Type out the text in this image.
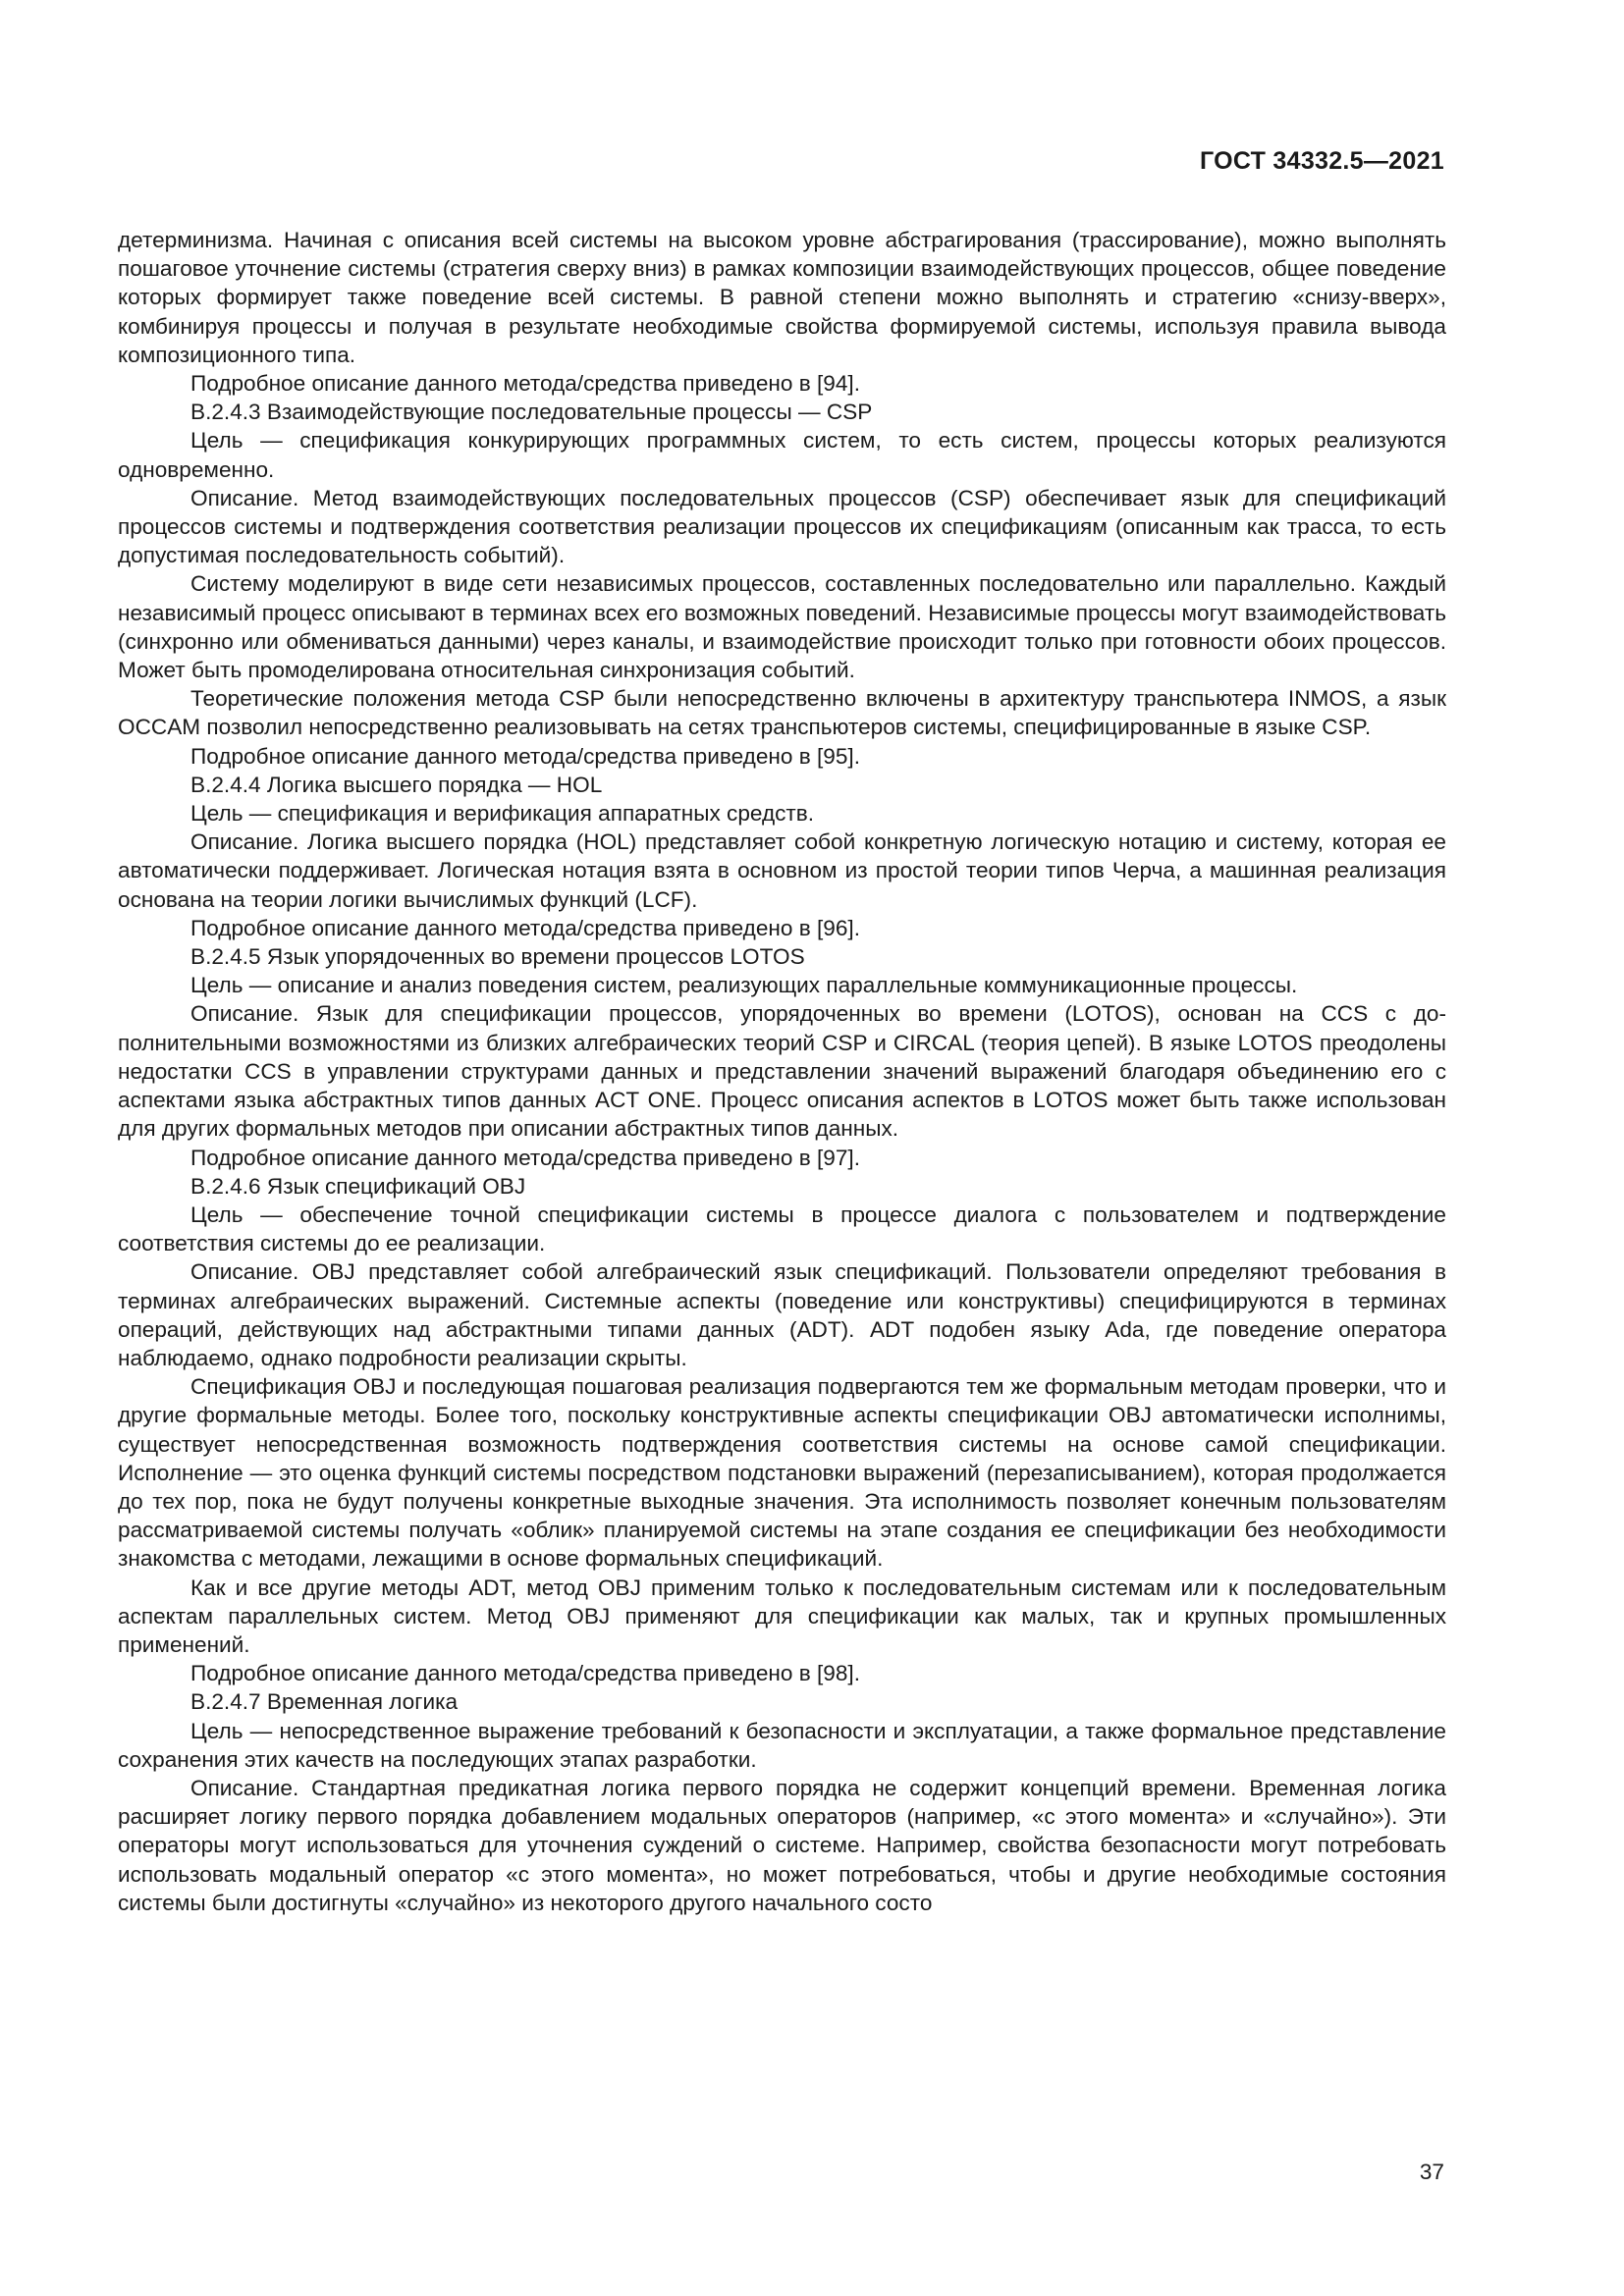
ГОСТ 34332.5—2021

детерминизма. Начиная с описания всей системы на высоком уровне абстрагирования (трассирование), можно выполнять пошаговое уточнение системы (стратегия сверху вниз) в рамках композиции взаимодействующих процессов, общее поведение которых формирует также поведение всей системы. В равной степени можно выполнять и стратегию «снизу-вверх», комбинируя процессы и получая в результате необходимые свойства формируемой системы, используя правила вывода композиционного типа.

Подробное описание данного метода/средства приведено в [94].

В.2.4.3 Взаимодействующие последовательные процессы — CSP

Цель — спецификация конкурирующих программных систем, то есть систем, процессы которых реализуются одновременно.

Описание. Метод взаимодействующих последовательных процессов (CSP) обеспечивает язык для спецификаций процессов системы и подтверждения соответствия реализации процессов их спецификациям (описанным как трасса, то есть допустимая последовательность событий).

Систему моделируют в виде сети независимых процессов, составленных последовательно или параллельно. Каждый независимый процесс описывают в терминах всех его возможных поведений. Независимые процессы могут взаимодействовать (синхронно или обмениваться данными) через каналы, и взаимодействие происходит только при готовности обоих процессов. Может быть промоделирована относительная синхронизация событий.

Теоретические положения метода CSP были непосредственно включены в архитектуру транспьютера INMOS, а язык OCCAM позволил непосредственно реализовывать на сетях транспьютеров системы, специфицированные в языке CSP.

Подробное описание данного метода/средства приведено в [95].

В.2.4.4 Логика высшего порядка — HOL

Цель — спецификация и верификация аппаратных средств.

Описание. Логика высшего порядка (HOL) представляет собой конкретную логическую нотацию и систему, которая ее автоматически поддерживает. Логическая нотация взята в основном из простой теории типов Черча, а машинная реализация основана на теории логики вычислимых функций (LCF).

Подробное описание данного метода/средства приведено в [96].

В.2.4.5 Язык упорядоченных во времени процессов LOTOS

Цель — описание и анализ поведения систем, реализующих параллельные коммуникационные процессы.

Описание. Язык для спецификации процессов, упорядоченных во времени (LOTOS), основан на CCS с дополнительными возможностями из близких алгебраических теорий CSP и CIRCAL (теория цепей). В языке LOTOS преодолены недостатки CCS в управлении структурами данных и представлении значений выражений благодаря объединению его с аспектами языка абстрактных типов данных ACT ONE. Процесс описания аспектов в LOTOS может быть также использован для других формальных методов при описании абстрактных типов данных.

Подробное описание данного метода/средства приведено в [97].

В.2.4.6 Язык спецификаций OBJ

Цель — обеспечение точной спецификации системы в процессе диалога с пользователем и подтверждение соответствия системы до ее реализации.

Описание. OBJ представляет собой алгебраический язык спецификаций. Пользователи определяют требования в терминах алгебраических выражений. Системные аспекты (поведение или конструктивы) специфицируются в терминах операций, действующих над абстрактными типами данных (ADT). ADT подобен языку Ada, где поведение оператора наблюдаемо, однако подробности реализации скрыты.

Спецификация OBJ и последующая пошаговая реализация подвергаются тем же формальным методам проверки, что и другие формальные методы. Более того, поскольку конструктивные аспекты спецификации OBJ автоматически исполнимы, существует непосредственная возможность подтверждения соответствия системы на основе самой спецификации. Исполнение — это оценка функций системы посредством подстановки выражений (перезаписыванием), которая продолжается до тех пор, пока не будут получены конкретные выходные значения. Эта исполнимость позволяет конечным пользователям рассматриваемой системы получать «облик» планируемой системы на этапе создания ее спецификации без необходимости знакомства с методами, лежащими в основе формальных спецификаций.

Как и все другие методы ADT, метод OBJ применим только к последовательным системам или к последовательным аспектам параллельных систем. Метод OBJ применяют для спецификации как малых, так и крупных промышленных применений.

Подробное описание данного метода/средства приведено в [98].

В.2.4.7 Временная логика

Цель — непосредственное выражение требований к безопасности и эксплуатации, а также формальное представление сохранения этих качеств на последующих этапах разработки.

Описание. Стандартная предикатная логика первого порядка не содержит концепций времени. Временная логика расширяет логику первого порядка добавлением модальных операторов (например, «с этого момента» и «случайно»). Эти операторы могут использоваться для уточнения суждений о системе. Например, свойства безопасности могут потребовать использовать модальный оператор «с этого момента», но может потребоваться, чтобы и другие необходимые состояния системы были достигнуты «случайно» из некоторого другого начального состо

37
